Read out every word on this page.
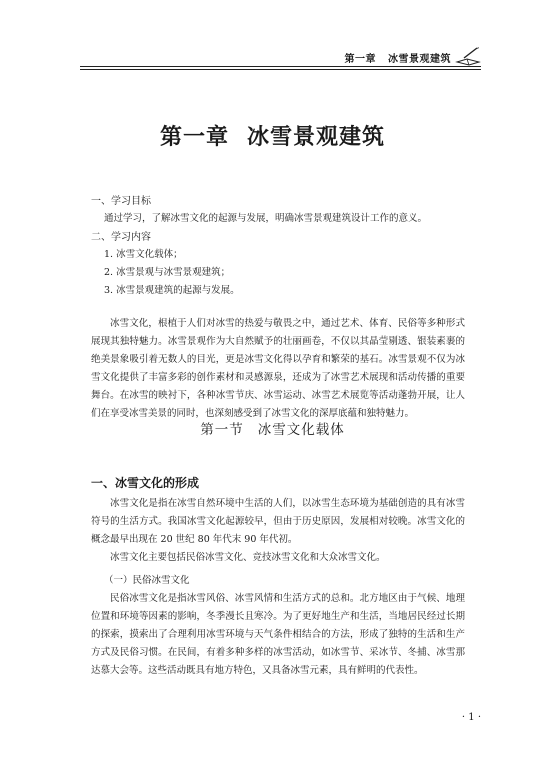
第一章 冰雪景观建筑
第一章 冰雪景观建筑
一、学习目标
通过学习，了解冰雪文化的起源与发展，明确冰雪景观建筑设计工作的意义。
二、学习内容
1. 冰雪文化载体；
2. 冰雪景观与冰雪景观建筑；
3. 冰雪景观建筑的起源与发展。
冰雪文化，根植于人们对冰雪的热爱与敬畏之中，通过艺术、体育、民俗等多种形式展现其独特魅力。冰雪景观作为大自然赋予的壮丽画卷，不仅以其晶莹剔透、银装素裹的绝美景象吸引着无数人的目光，更是冰雪文化得以孕育和繁荣的基石。冰雪景观不仅为冰雪文化提供了丰富多彩的创作素材和灵感源泉，还成为了冰雪艺术展现和活动传播的重要舞台。在冰雪的映衬下，各种冰雪节庆、冰雪运动、冰雪艺术展览等活动蓬勃开展，让人们在享受冰雪美景的同时，也深刻感受到了冰雪文化的深厚底蕴和独特魅力。
第一节 冰雪文化载体
一、冰雪文化的形成
冰雪文化是指在冰雪自然环境中生活的人们，以冰雪生态环境为基础创造的具有冰雪符号的生活方式。我国冰雪文化起源较早，但由于历史原因，发展相对较晚。冰雪文化的概念最早出现在 20 世纪 80 年代末 90 年代初。
冰雪文化主要包括民俗冰雪文化、竞技冰雪文化和大众冰雪文化。
（一）民俗冰雪文化
民俗冰雪文化是指冰雪风俗、冰雪风情和生活方式的总和。北方地区由于气候、地理位置和环境等因素的影响，冬季漫长且寒冷。为了更好地生产和生活，当地居民经过长期的探索，摸索出了合理利用冰雪环境与天气条件相结合的方法，形成了独特的生活和生产方式及民俗习惯。在民间，有着多种多样的冰雪活动，如冰雪节、采冰节、冬捕、冰雪那达慕大会等。这些活动既具有地方特色，又具备冰雪元素，具有鲜明的代表性。
· 1 ·
